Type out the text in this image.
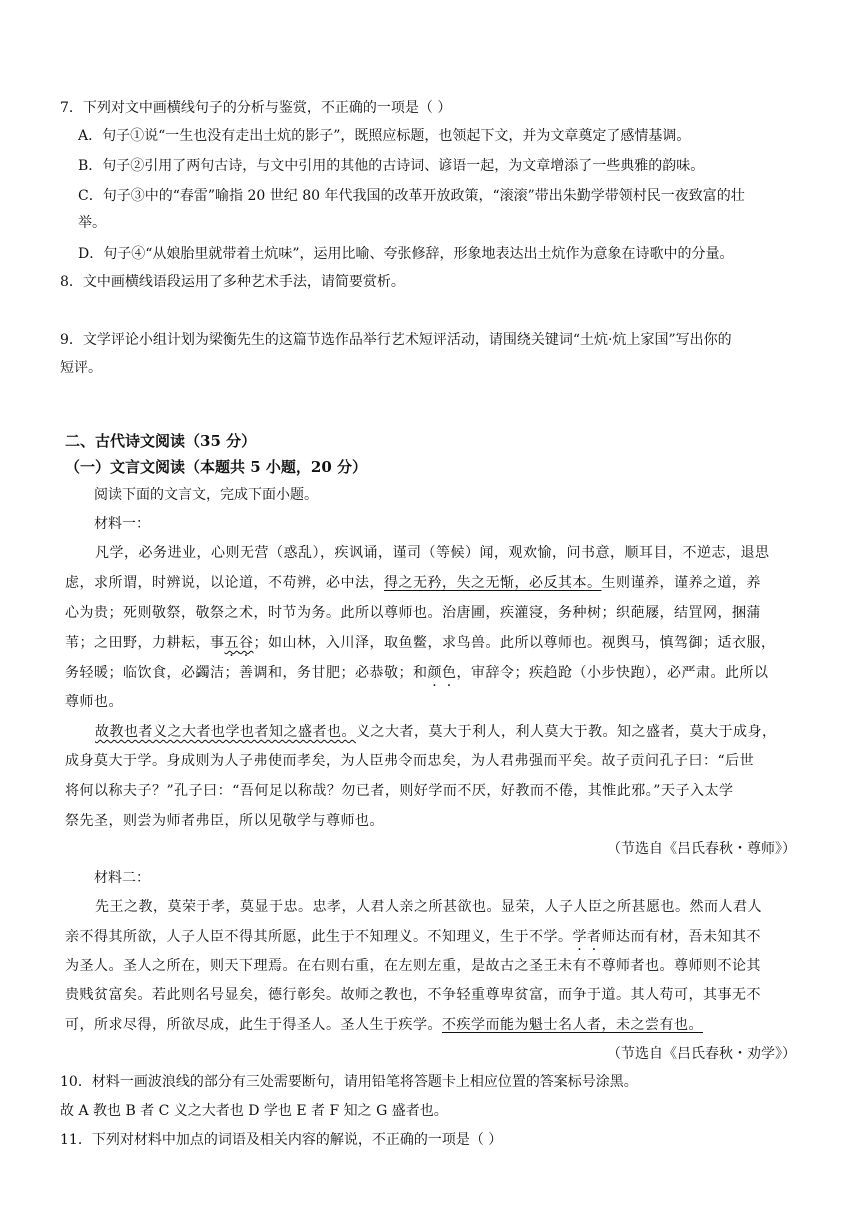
7．下列对文中画横线句子的分析与鉴赏，不正确的一项是（ ）
A．句子①说“一生也没有走出土炕的影子”，既照应标题，也领起下文，并为文章奠定了感情基调。
B．句子②引用了两句古诗，与文中引用的其他的古诗词、谚语一起，为文章增添了一些典雅的韵味。
C．句子③中的“春雷”喻指 20 世纪 80 年代我国的改革开放政策，“滚滚”带出朱勤学带领村民一夜致富的壮
举。
D．句子④“从娘胎里就带着土炕味”，运用比喻、夸张修辞，形象地表达出土炕作为意象在诗歌中的分量。
8．文中画横线语段运用了多种艺术手法，请简要赏析。
9．文学评论小组计划为梁衡先生的这篇节选作品举行艺术短评活动，请围绕关键词“土炕·炕上家国”写出你的
短评。
二、古代诗文阅读（35 分）
（一）文言文阅读（本题共 5 小题，20 分）
阅读下面的文言文，完成下面小题。
材料一：
凡学，必务进业，心则无营（惑乱），疾讽诵，谨司（等候）闻，观欢愉，问书意，顺耳目，不逆志，退思
虑，求所谓，时辨说，以论道，不苟辨，必中法，得之无矜，失之无惭，必反其本。生则谨养，谨养之道，养
心为贵；死则敬祭，敬祭之术，时节为务。此所以尊师也。治唐圃，疾灌寖，务种树；织葩屦，结罝网，捆蒲
苇；之田野，力耕耘，事五谷；如山林，入川泽，取鱼鳖，求鸟兽。此所以尊师也。视舆马，慎驾御；适衣服，
务轻暖；临饮食，必蠲洁；善调和，务甘肥；必恭敬；和颜色，审辞令；疾趋跄（小步快跑），必严肃。此所以
尊师也。
故教也者义之大者也学也者知之盛者也。义之大者，莫大于利人，利人莫大于教。知之盛者，莫大于成身，
成身莫大于学。身成则为人子弗使而孝矣，为人臣弗令而忠矣，为人君弗强而平矣。故子贡问孔子曰：“后世
将何以称夫子？”孔子曰：“吾何足以称哉？勿已者，则好学而不厌，好教而不倦，其惟此邪。”天子入太学
祭先圣，则尝为师者弗臣，所以见敬学与尊师也。
（节选自《吕氏春秋・尊师》）
材料二：
先王之教，莫荣于孝，莫显于忠。忠孝，人君人亲之所甚欲也。显荣，人子人臣之所甚愿也。然而人君人
亲不得其所欲，人子人臣不得其所愿，此生于不知理义。不知理义，生于不学。学者师达而有材，吾未知其不
为圣人。圣人之所在，则天下理焉。在右则右重，在左则左重，是故古之圣王未有不尊师者也。尊师则不论其
贵贱贫富矣。若此则名号显矣，德行彰矣。故师之教也，不争轻重尊卑贫富，而争于道。其人苟可，其事无不
可，所求尽得，所欲尽成，此生于得圣人。圣人生于疾学。不疾学而能为魁士名人者，未之尝有也。
（节选自《吕氏春秋・劝学》）
10．材料一画波浪线的部分有三处需要断句，请用铅笔将答题卡上相应位置的答案标号涂黑。
故 A 教也 B 者 C 义之大者也 D 学也 E 者 F 知之 G 盛者也。
11．下列对材料中加点的词语及相关内容的解说，不正确的一项是（ ）
